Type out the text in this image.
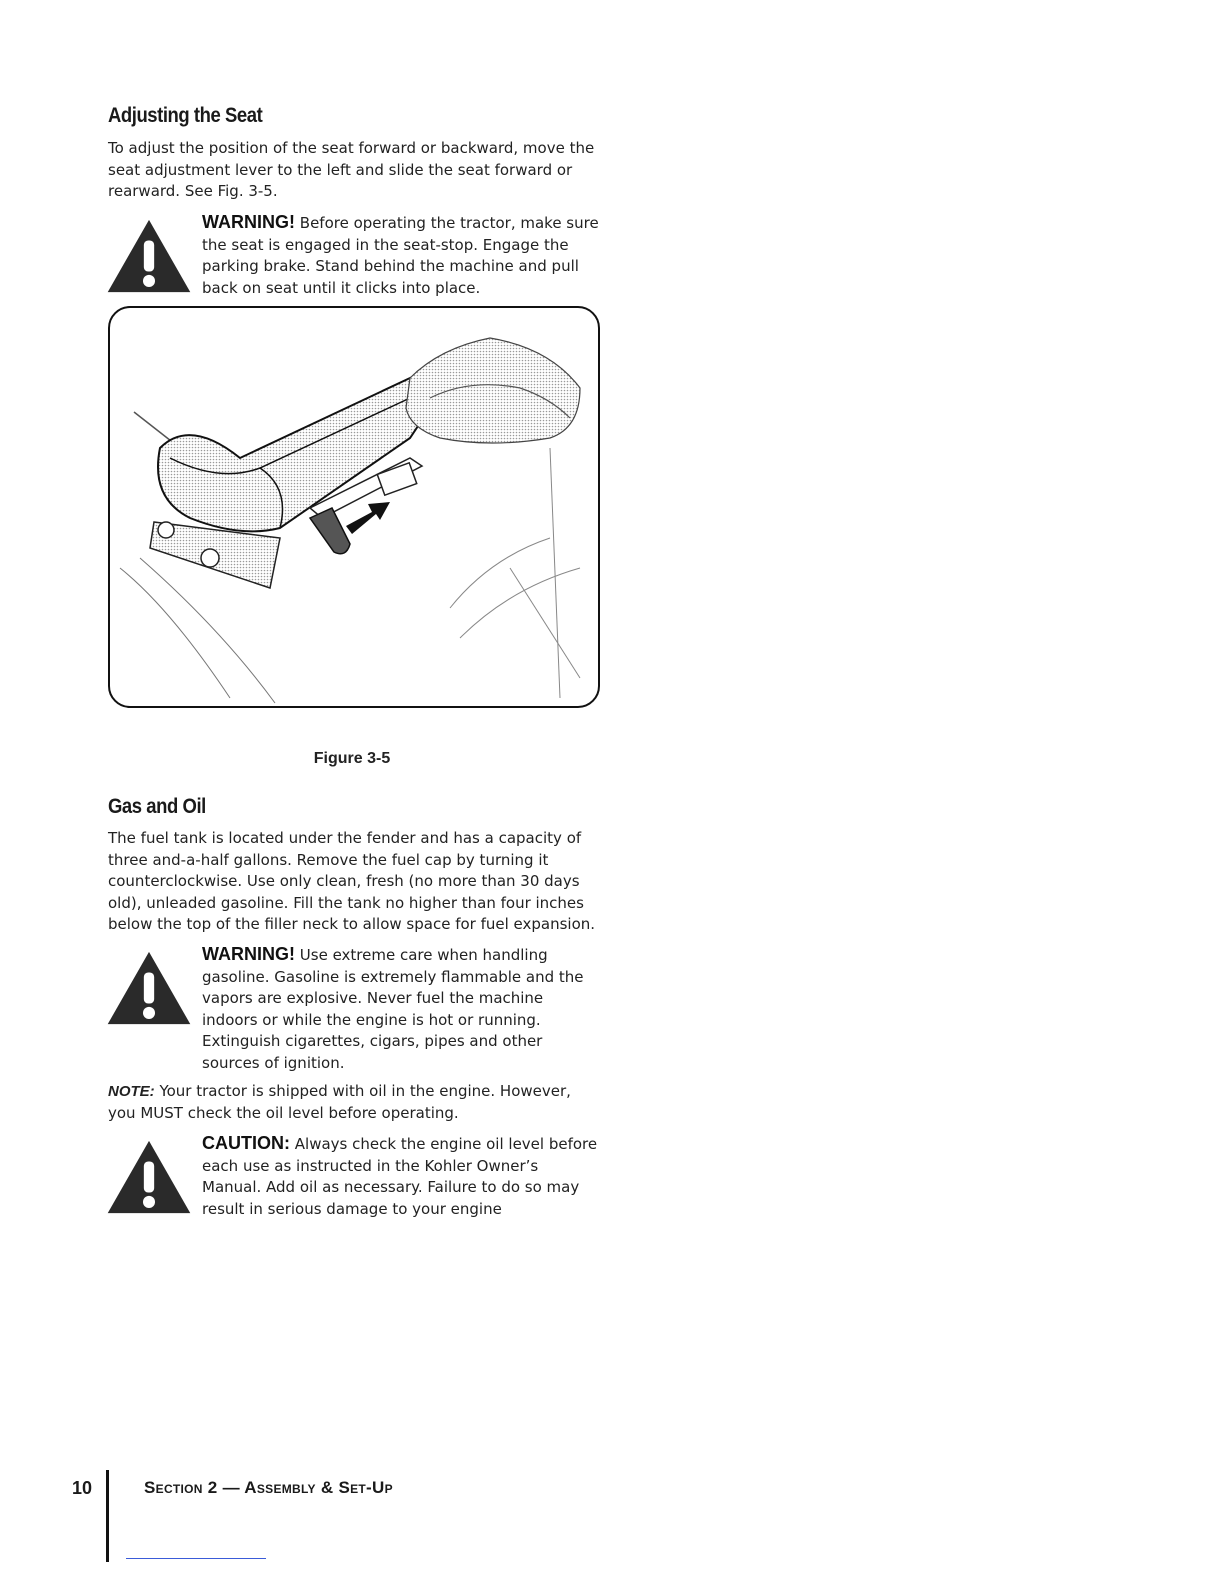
Adjusting the Seat

To adjust the position of the seat forward or backward, move the seat adjustment lever to the left and slide the seat forward or rearward. See Fig. 3-5.

WARNING! Before operating the tractor, make sure the seat is engaged in the seat-stop. Engage the parking brake. Stand behind the machine and pull back on seat until it clicks into place.

Figure 3-5
Gas and Oil

The fuel tank is located under the fender and has a capacity of three and-a-half gallons. Remove the fuel cap by turning it counterclockwise. Use only clean, fresh (no more than 30 days old), unleaded gasoline. Fill the tank no higher than four inches below the top of the filler neck to allow space for fuel expansion.

WARNING! Use extreme care when handling gasoline. Gasoline is extremely flammable and the vapors are explosive. Never fuel the machine indoors or while the engine is hot or running. Extinguish cigarettes, cigars, pipes and other sources of ignition.

NOTE: Your tractor is shipped with oil in the engine. However, you MUST check the oil level before operating.

CAUTION: Always check the engine oil level before each use as instructed in the Kohler Owner’s Manual. Add oil as necessary. Failure to do so may result in serious damage to your engine

10	Section 2 — Assembly & Set-Up
